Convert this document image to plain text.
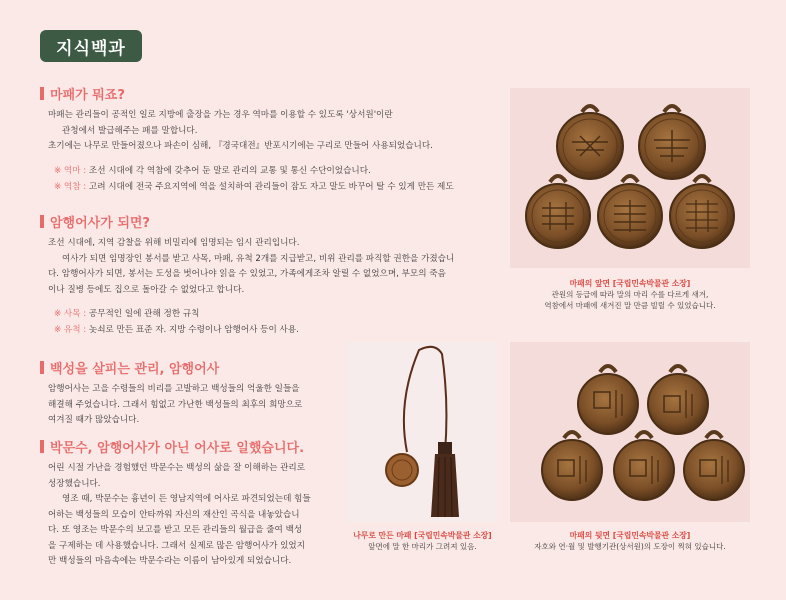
지식백과
마패가 뭐죠?
마패는 관리들이 공적인 일로 지방에 출장을 가는 경우 역마를 이용할 수 있도록 '상서원'이란
관청에서 발급해주는 패를 말합니다.
초기에는 나무로 만들어졌으나 파손이 심해, 『경국대전』반포시기에는 구리로 만들어 사용되었습니다.
※ 역마 : 조선 시대에 각 역참에 갖추어 둔 말로 관리의 교통 및 통신 수단이었습니다.
※ 역참 : 고려 시대에 전국 주요지역에 역을 설치하여 관리들이 잠도 자고 말도 바꾸어 탈 수 있게 만든 제도
암행어사가 되면?
조선 시대에, 지역 감찰을 위해 비밀리에 임명되는 임시 관리입니다.
여사가 되면 임명장인 봉서를 받고 사목, 마패, 유척 2개를 지급받고, 비위 관리를 파직할 권한을 가졌습니
다. 암행어사가 되면, 봉서는 도성을 벗어나야 읽을 수 있었고, 가족에게조차 알릴 수 없었으며, 부모의 죽음
이나 질병 등에도 집으로 돌아갈 수 없었다고 합니다.
※ 사목 : 공무적인 일에 관해 정한 규칙
※ 유척 : 놋쇠로 만든 표준 자. 지방 수령이나 암행어사 등이 사용.
백성을 살피는 관리, 암행어사
암행어사는 고을 수령들의 비리를 고발하고 백성들의 억울한 일들을
해결해 주었습니다. 그래서 힘없고 가난한 백성들의 최후의 희망으로
여겨질 때가 많았습니다.
박문수, 암행어사가 아닌 어사로 일했습니다.
어린 시절 가난을 경험했던 박문수는 백성의 삶을 잘 이해하는 관리로
성장했습니다.
영조 때, 박문수는 흉년이 든 영남지역에 어사로 파견되었는데 힘들
어하는 백성들의 모습이 안타까워 자신의 재산인 곡식을 내놓았습니
다. 또 영조는 박문수의 보고를 받고 모든 관리들의 월급을 줄여 백성
을 구제하는 데 사용했습니다. 그래서 실제로 많은 암행어사가 있었지
만 백성들의 마음속에는 박문수라는 이름이 남아있게 되었습니다.
마패의 앞면 [국립민속박물관 소장]
관원의 등급에 따라 말의 마리 수를 다르게 새겨,
역참에서 마패에 새겨진 말 만큼 빌릴 수 있었습니다.
나무로 만든 마패 [국립민속박물관 소장]
앞면에 말 한 마리가 그려져 있음.
마패의 뒷면 [국립민속박물관 소장]
자호와 연·월 및 발행기관(상서원)의 도장이 찍혀 있습니다.
